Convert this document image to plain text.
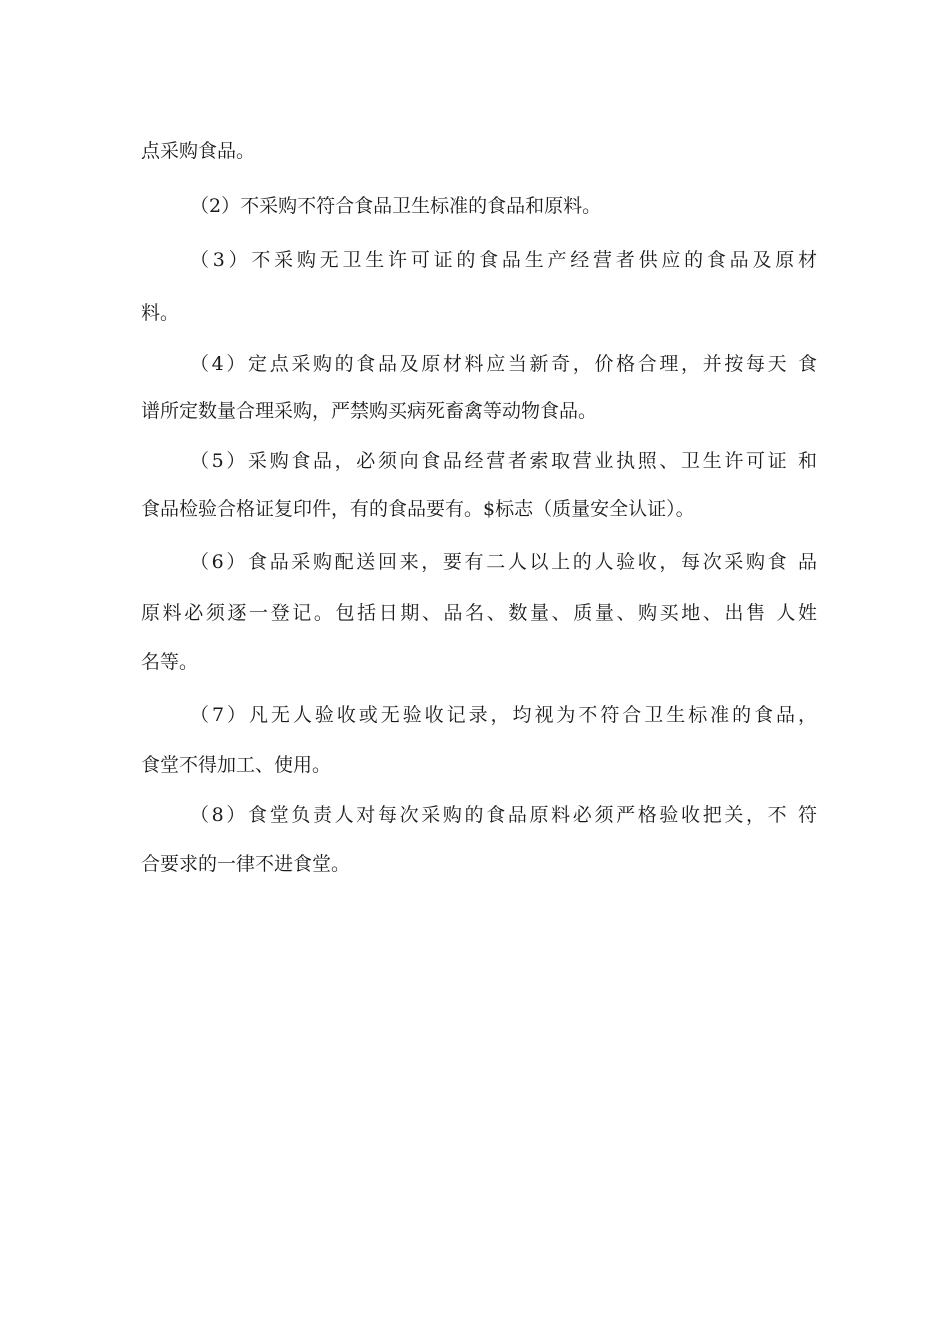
点采购食品。
（2）不采购不符合食品卫生标准的食品和原料。
（3）不采购无卫生许可证的食品生产经营者供应的食品及原材
料。
（4）定点采购的食品及原材料应当新奇，价格合理，并按每天 食
谱所定数量合理采购，严禁购买病死畜禽等动物食品。
（5）采购食品，必须向食品经营者索取营业执照、卫生许可证 和
食品检验合格证复印件，有的食品要有。$标志（质量安全认证）。
（6）食品采购配送回来，要有二人以上的人验收，每次采购食 品
原料必须逐一登记。包括日期、品名、数量、质量、购买地、出售 人姓
名等。
（7）凡无人验收或无验收记录，均视为不符合卫生标准的食品，
食堂不得加工、使用。
（8）食堂负责人对每次采购的食品原料必须严格验收把关，不 符
合要求的一律不进食堂。
